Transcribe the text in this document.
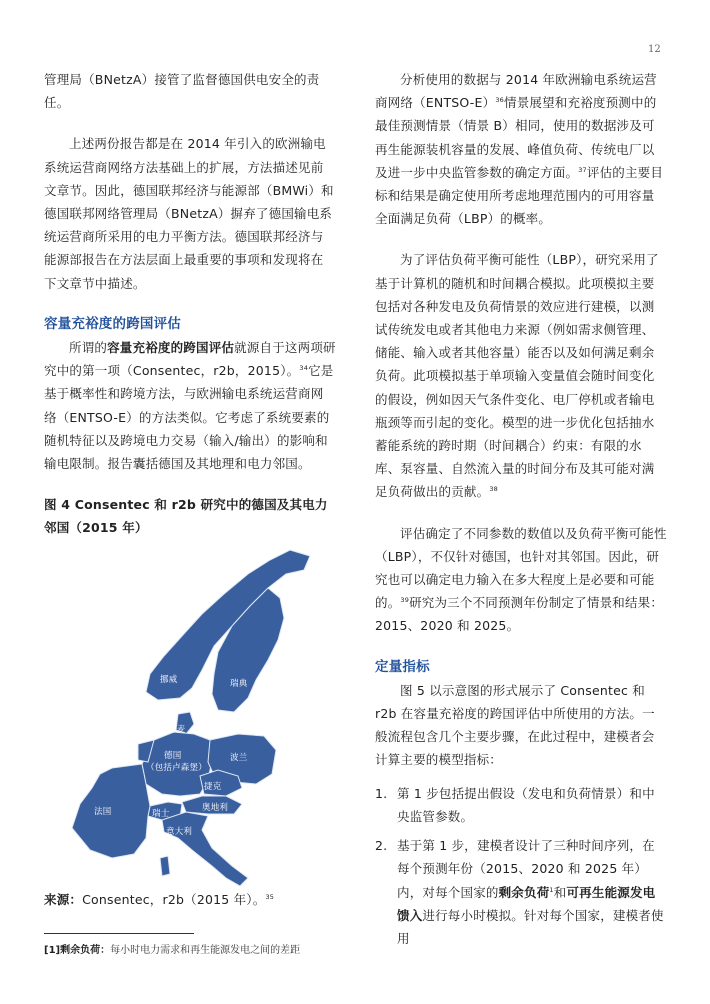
12

管理局（BNetzA）接管了监督德国供电安全的责任。

上述两份报告都是在 2014 年引入的欧洲输电系统运营商网络方法基础上的扩展，方法描述见前文章节。因此，德国联邦经济与能源部（BMWi）和德国联邦网络管理局（BNetzA）摒弃了德国输电系统运营商所采用的电力平衡方法。德国联邦经济与能源部报告在方法层面上最重要的事项和发现将在下文章节中描述。

容量充裕度的跨国评估

所谓的容量充裕度的跨国评估就源自于这两项研究中的第一项（Consentec，r2b，2015）。$^{34}$它是基于概率性和跨境方法，与欧洲输电系统运营商网络（ENTSO-E）的方法类似。它考虑了系统要素的随机特征以及跨境电力交易（输入/输出）的影响和输电限制。报告囊括德国及其地理和电力邻国。

图 4 Consentec 和 r2b 研究中的德国及其电力邻国（2015 年）
挪威	瑞典
丹麦
德国
（包括卢森堡）
波兰
捷克
奥地利
瑞士
法国
意大利

来源：Consentec，r2b（2015 年）。$^{35}$

分析使用的数据与 2014 年欧洲输电系统运营商网络（ENTSO-E）$^{36}$情景展望和充裕度预测中的最佳预测情景（情景 B）相同，使用的数据涉及可再生能源装机容量的发展、峰值负荷、传统电厂以及进一步中央监管参数的确定方面。$^{37}$评估的主要目标和结果是确定使用所考虑地理范围内的可用容量全面满足负荷（LBP）的概率。

为了评估负荷平衡可能性（LBP），研究采用了基于计算机的随机和时间耦合模拟。此项模拟主要包括对各种发电及负荷情景的效应进行建模，以测试传统发电或者其他电力来源（例如需求侧管理、储能、输入或者其他容量）能否以及如何满足剩余负荷。此项模拟基于单项输入变量值会随时间变化的假设，例如因天气条件变化、电厂停机或者输电瓶颈等而引起的变化。模型的进一步优化包括抽水蓄能系统的跨时期（时间耦合）约束：有限的水库、泵容量、自然流入量的时间分布及其可能对满足负荷做出的贡献。$^{38}$

评估确定了不同参数的数值以及负荷平衡可能性（LBP），不仅针对德国，也针对其邻国。因此，研究也可以确定电力输入在多大程度上是必要和可能的。$^{39}$研究为三个不同预测年份制定了情景和结果：2015、2020 和 2025。

定量指标

图 5 以示意图的形式展示了 Consentec 和 r2b 在容量充裕度的跨国评估中所使用的方法。一般流程包含几个主要步骤，在此过程中，建模者会计算主要的模型指标：

1. 第 1 步包括提出假设（发电和负荷情景）和中央监管参数。
2. 基于第 1 步，建模者设计了三种时间序列，在每个预测年份（2015、2020 和 2025 年）内，对每个国家的剩余负荷$^1$和可再生能源发电馈入进行每小时模拟。针对每个国家，建模者使用
[1]剩余负荷：每小时电力需求和再生能源发电之间的差距
